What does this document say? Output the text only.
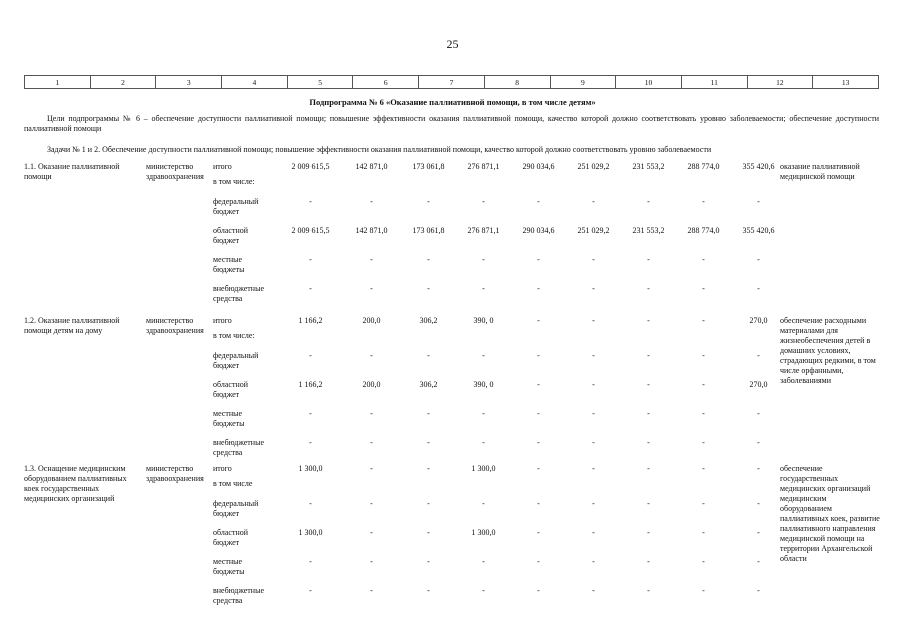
25
1	2	3	4	5	6	7	8	9	10	11	12	13
Подпрограмма № 6 «Оказание паллиативной помощи, в том числе детям»
Цели подпрограммы № 6 – обеспечение доступности паллиативной помощи; повышение эффективности оказания паллиативной помощи, качество которой должно соответствовать уровню заболеваемости; обеспечение доступности паллиативной помощи
Задачи № 1 и 2. Обеспечение доступности паллиативной помощи; повышение эффективности оказания паллиативной помощи, качество которой должно соответствовать уровню заболеваемости
1.1. Оказание паллиативной помощи
министерство здравоохранения
оказание паллиативной медицинской помощи
итого
в том числе:
2 009 615,5	142 871,0	173 061,8	276 871,1	290 034,6	251 029,2	231 553,2	288 774,0	355 420,6
федеральный бюджет
-	-	-	-	-	-	-	-	-
областной бюджет
2 009 615,5	142 871,0	173 061,8	276 871,1	290 034,6	251 029,2	231 553,2	288 774,0	355 420,6
местные бюджеты
-	-	-	-	-	-	-	-	-
внебюджетные средства
-	-	-	-	-	-	-	-	-
1.2. Оказание паллиативной помощи детям на дому
министерство здравоохранения
обеспечение расходными материалами для жизнеобеспечения детей в домашних условиях, страдающих редкими, в том числе орфанными, заболеваниями
итого
в том числе:
1 166,2	200,0	306,2	390, 0	-	-	-	-	270,0
федеральный бюджет
-	-	-	-	-	-	-	-	-
областной бюджет
1 166,2	200,0	306,2	390, 0	-	-	-	-	270,0
местные бюджеты
-	-	-	-	-	-	-	-	-
внебюджетные средства
-	-	-	-	-	-	-	-	-
1.3. Оснащение медицинским оборудованием паллиативных коек государственных медицинских организаций
министерство здравоохранения
обеспечение государственных медицинских организаций медицинским оборудованием паллиативных коек, развитие паллиативного направления медицинской помощи на территории Архангельской области
итого
в том числе
1 300,0	-	-	1 300,0	-	-	-	-	-
федеральный бюджет
-	-	-	-	-	-	-	-	-
областной бюджет
1 300,0	-	-	1 300,0	-	-	-	-	-
местные бюджеты
-	-	-	-	-	-	-	-	-
внебюджетные средства
-	-	-	-	-	-	-	-	-
